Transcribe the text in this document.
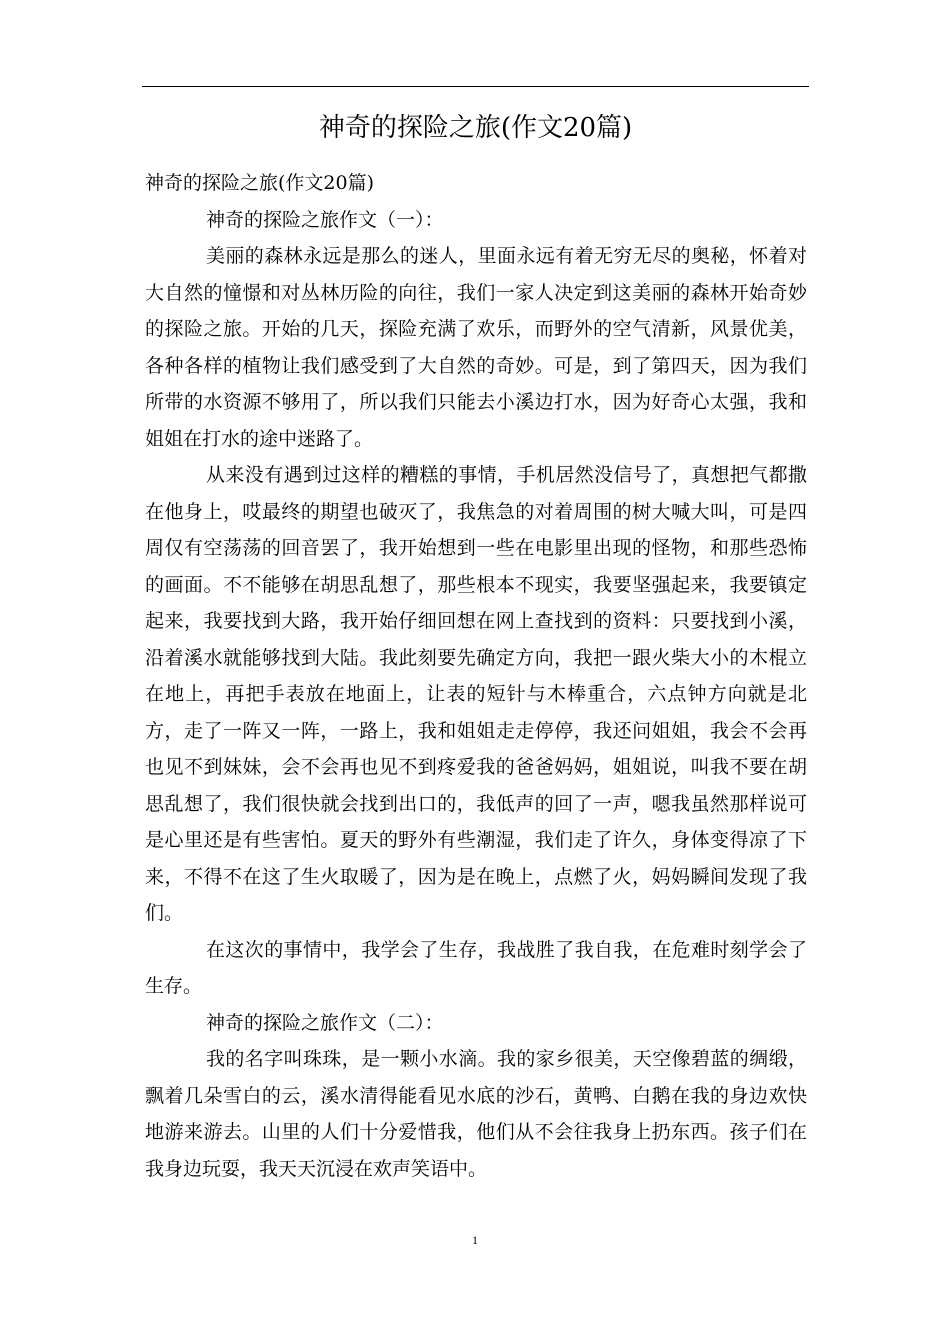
神奇的探险之旅(作文20篇)

神奇的探险之旅(作文20篇)

神奇的探险之旅作文（一）：

美丽的森林永远是那么的迷人，里面永远有着无穷无尽的奥秘，怀着对大自然的憧憬和对丛林历险的向往，我们一家人决定到这美丽的森林开始奇妙的探险之旅。开始的几天，探险充满了欢乐，而野外的空气清新，风景优美，各种各样的植物让我们感受到了大自然的奇妙。可是，到了第四天，因为我们所带的水资源不够用了，所以我们只能去小溪边打水，因为好奇心太强，我和姐姐在打水的途中迷路了。

从来没有遇到过这样的糟糕的事情，手机居然没信号了，真想把气都撒在他身上，哎最终的期望也破灭了，我焦急的对着周围的树大喊大叫，可是四周仅有空荡荡的回音罢了，我开始想到一些在电影里出现的怪物，和那些恐怖的画面。不不能够在胡思乱想了，那些根本不现实，我要坚强起来，我要镇定起来，我要找到大路，我开始仔细回想在网上查找到的资料：只要找到小溪，沿着溪水就能够找到大陆。我此刻要先确定方向，我把一跟火柴大小的木棍立在地上，再把手表放在地面上，让表的短针与木棒重合，六点钟方向就是北方，走了一阵又一阵，一路上，我和姐姐走走停停，我还问姐姐，我会不会再也见不到妹妹，会不会再也见不到疼爱我的爸爸妈妈，姐姐说，叫我不要在胡思乱想了，我们很快就会找到出口的，我低声的回了一声，嗯我虽然那样说可是心里还是有些害怕。夏天的野外有些潮湿，我们走了许久，身体变得凉了下来，不得不在这了生火取暖了，因为是在晚上，点燃了火，妈妈瞬间发现了我们。

在这次的事情中，我学会了生存，我战胜了我自我，在危难时刻学会了生存。

神奇的探险之旅作文（二）：

我的名字叫珠珠，是一颗小水滴。我的家乡很美，天空像碧蓝的绸缎，飘着几朵雪白的云，溪水清得能看见水底的沙石，黄鸭、白鹅在我的身边欢快地游来游去。山里的人们十分爱惜我，他们从不会往我身上扔东西。孩子们在我身边玩耍，我天天沉浸在欢声笑语中。

1
